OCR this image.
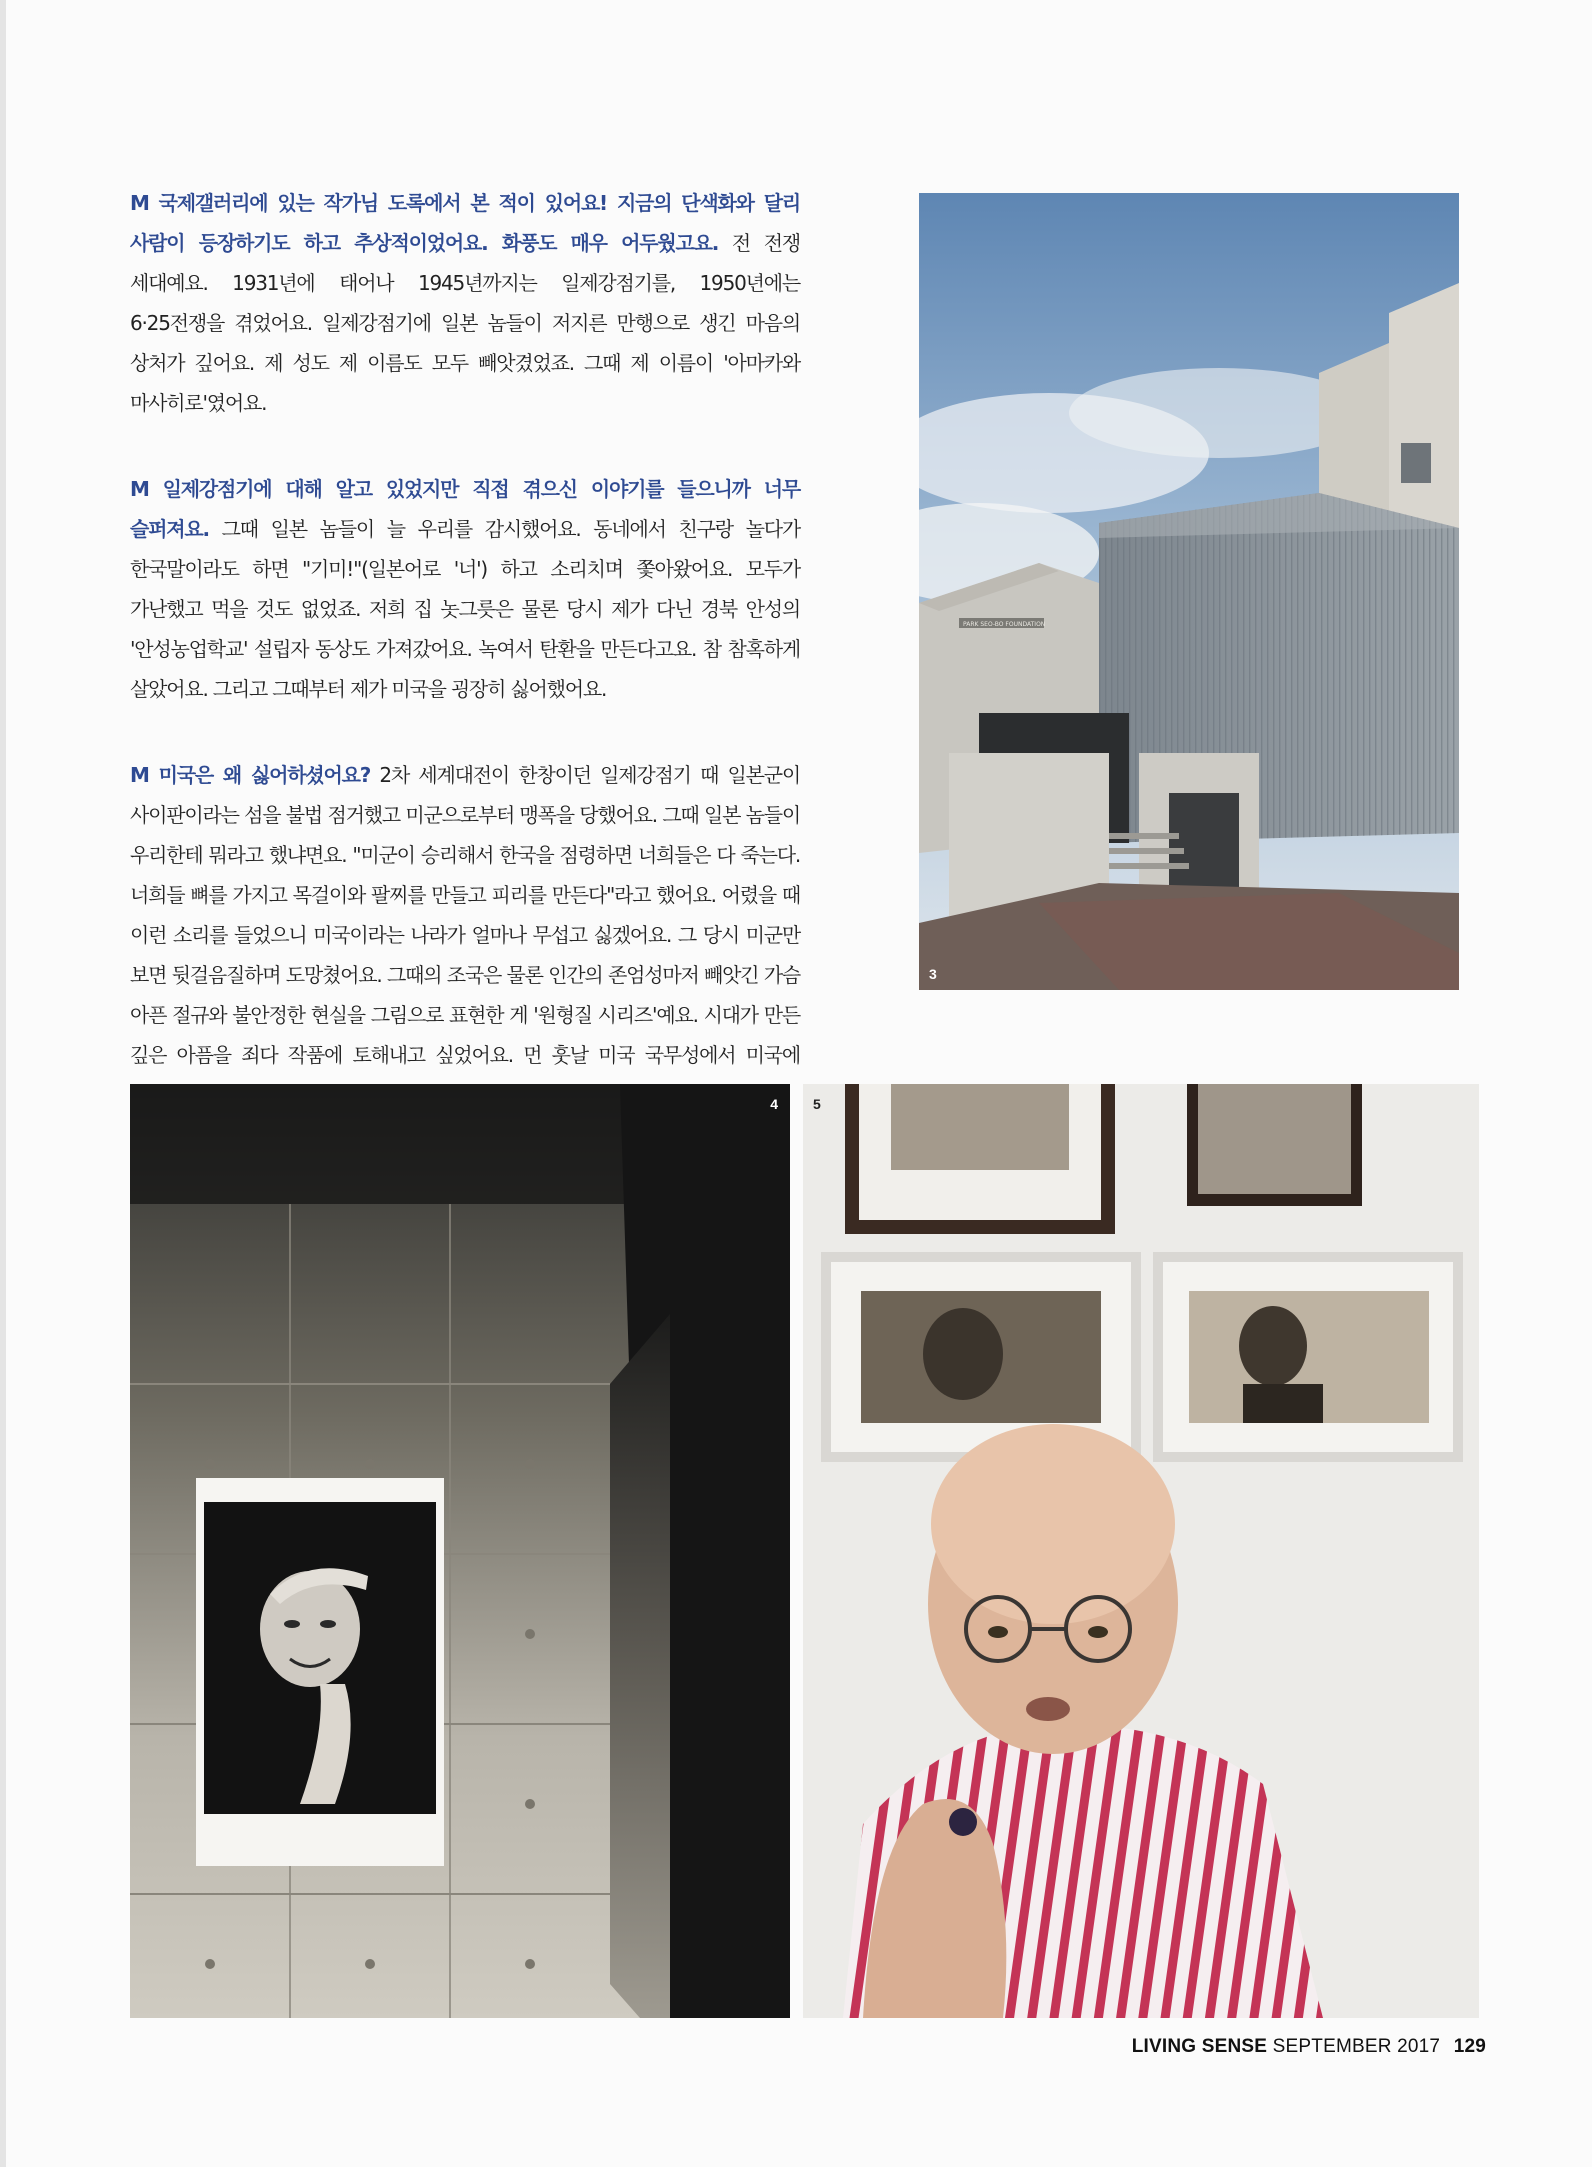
M 국제갤러리에 있는 작가님 도록에서 본 적이 있어요! 지금의 단색화와 달리 사람이 등장하기도 하고 추상적이었어요. 화풍도 매우 어두웠고요. 전 전쟁 세대예요. 1931년에 태어나 1945년까지는 일제강점기를, 1950년에는 6·25전쟁을 겪었어요. 일제강점기에 일본 놈들이 저지른 만행으로 생긴 마음의 상처가 깊어요. 제 성도 제 이름도 모두 빼앗겼었죠. 그때 제 이름이 '아마카와 마사히로'였어요.

M 일제강점기에 대해 알고 있었지만 직접 겪으신 이야기를 들으니까 너무 슬퍼져요. 그때 일본 놈들이 늘 우리를 감시했어요. 동네에서 친구랑 놀다가 한국말이라도 하면 "기미!"(일본어로 '너') 하고 소리치며 쫓아왔어요. 모두가 가난했고 먹을 것도 없었죠. 저희 집 놋그릇은 물론 당시 제가 다닌 경북 안성의 '안성농업학교' 설립자 동상도 가져갔어요. 녹여서 탄환을 만든다고요. 참 참혹하게 살았어요. 그리고 그때부터 제가 미국을 굉장히 싫어했어요.

M 미국은 왜 싫어하셨어요? 2차 세계대전이 한창이던 일제강점기 때 일본군이 사이판이라는 섬을 불법 점거했고 미군으로부터 맹폭을 당했어요. 그때 일본 놈들이 우리한테 뭐라고 했냐면요. "미군이 승리해서 한국을 점령하면 너희들은 다 죽는다. 너희들 뼈를 가지고 목걸이와 팔찌를 만들고 피리를 만든다"라고 했어요. 어렸을 때 이런 소리를 들었으니 미국이라는 나라가 얼마나 무섭고 싫겠어요. 그 당시 미군만 보면 뒷걸음질하며 도망쳤어요. 그때의 조국은 물론 인간의 존엄성마저 빼앗긴 가슴 아픈 절규와 불안정한 현실을 그림으로 표현한 게 '원형질 시리즈'예요. 시대가 만든 깊은 아픔을 죄다 작품에 토해내고 싶었어요. 먼 훗날 미국 국무성에서 미국에

PARK SEO-BO FOUNDATION
3
4	5
LIVING SENSE SEPTEMBER 2017 129
